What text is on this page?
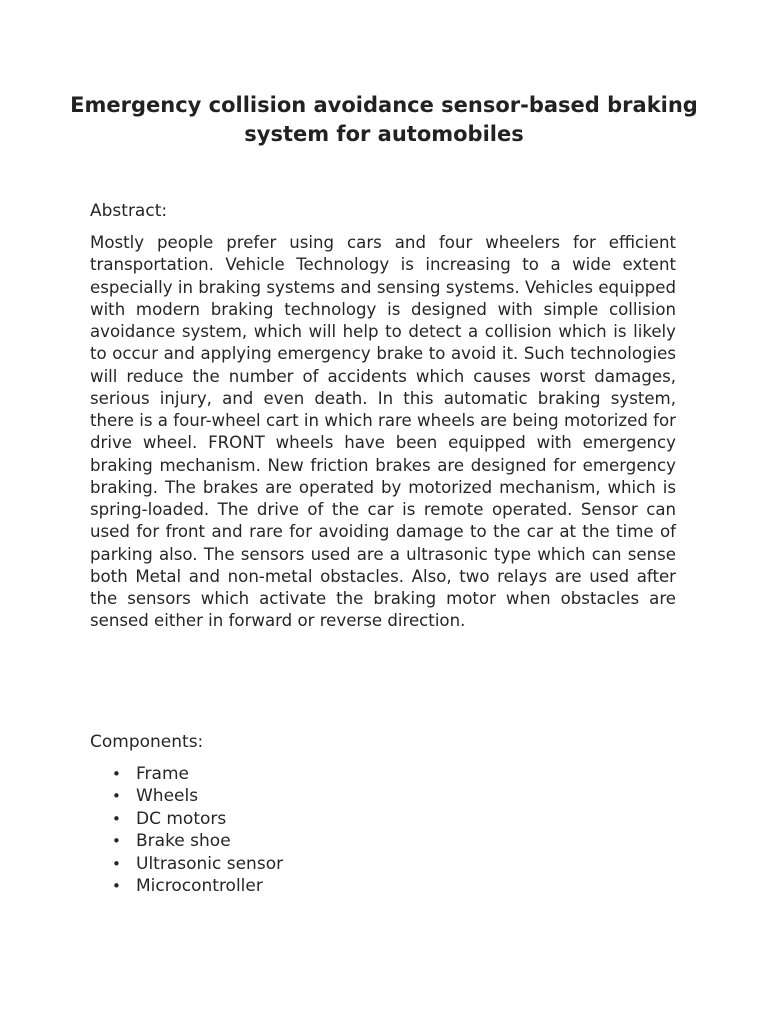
Emergency collision avoidance sensor-based braking system for automobiles

Abstract:

Mostly people prefer using cars and four wheelers for efficient transportation. Vehicle Technology is increasing to a wide extent especially in braking systems and sensing systems. Vehicles equipped with modern braking technology is designed with simple collision avoidance system, which will help to detect a collision which is likely to occur and applying emergency brake to avoid it. Such technologies will reduce the number of accidents which causes worst damages, serious injury, and even death. In this automatic braking system, there is a four-wheel cart in which rare wheels are being motorized for drive wheel. FRONT wheels have been equipped with emergency braking mechanism. New friction brakes are designed for emergency braking. The brakes are operated by motorized mechanism, which is spring-loaded. The drive of the car is remote operated. Sensor can used for front and rare for avoiding damage to the car at the time of parking also. The sensors used are a ultrasonic type which can sense both Metal and non-metal obstacles. Also, two relays are used after the sensors which activate the braking motor when obstacles are sensed either in forward or reverse direction.

Components:

• Frame
• Wheels
• DC motors
• Brake shoe
• Ultrasonic sensor
• Microcontroller
